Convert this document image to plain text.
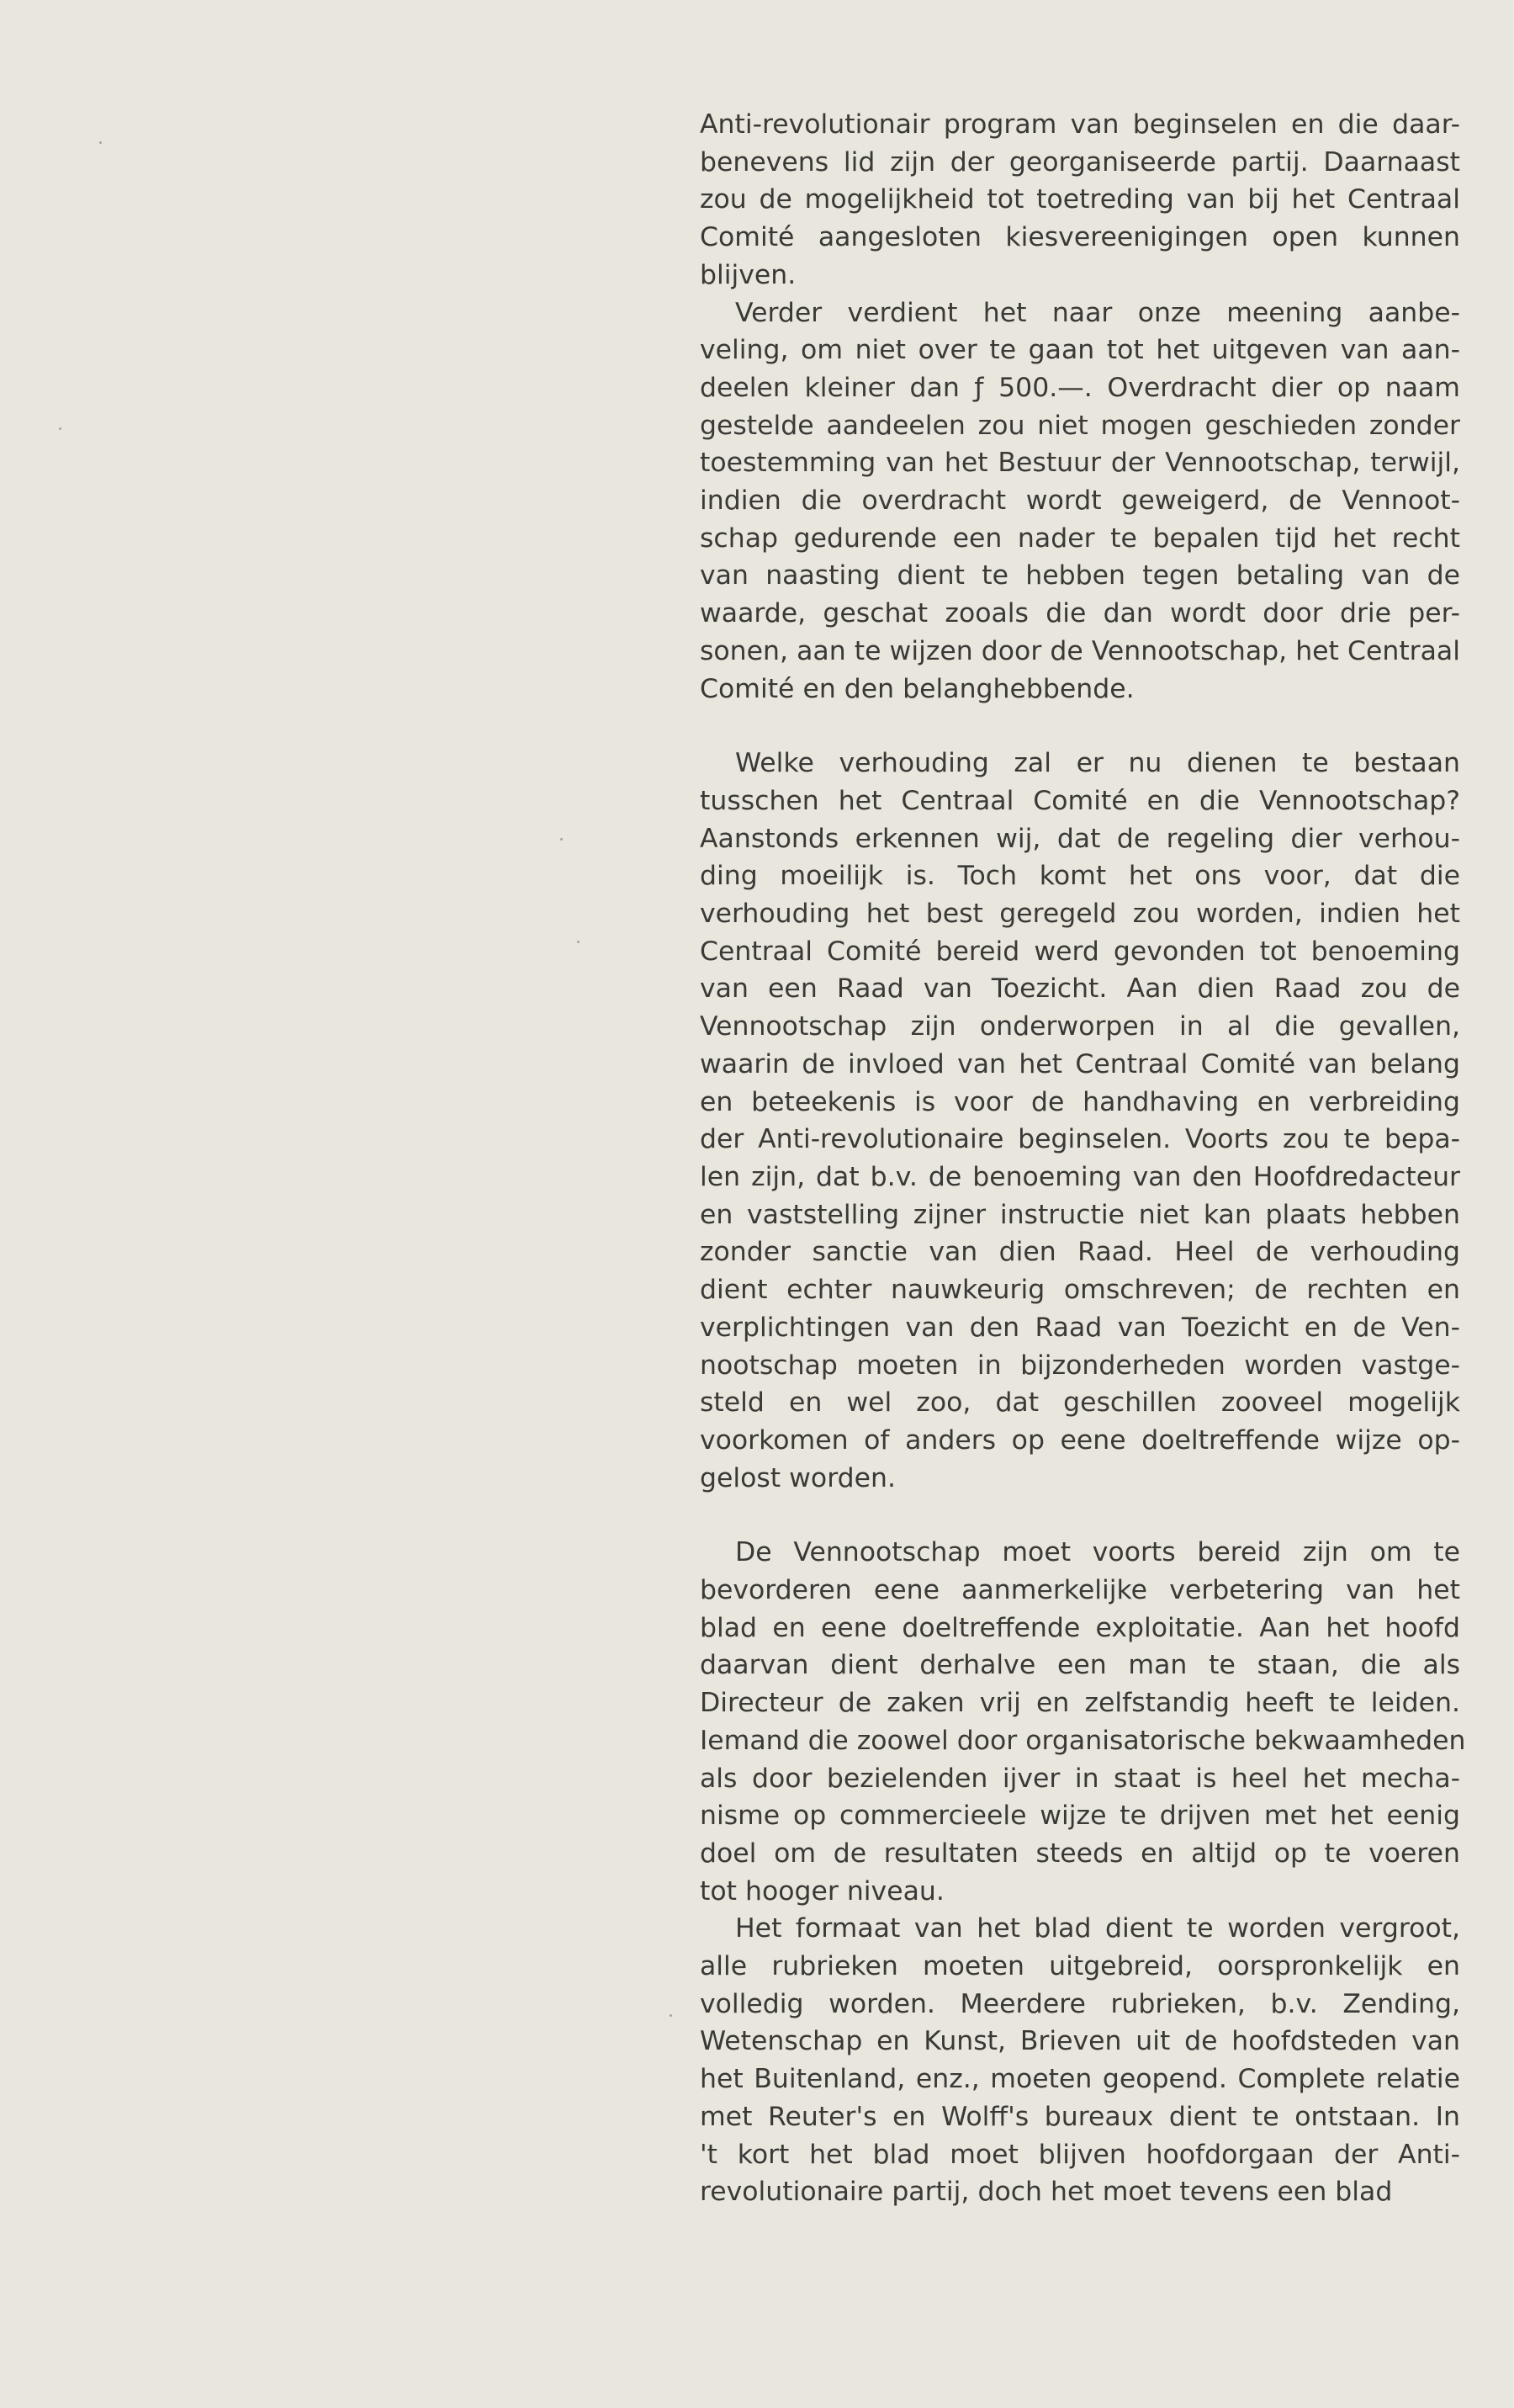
Anti-revolutionair program van beginselen en die daar-
benevens lid zijn der georganiseerde partij. Daarnaast
zou de mogelijkheid tot toetreding van bij het Centraal
Comité aangesloten kiesvereenigingen open kunnen
blijven.

Verder verdient het naar onze meening aanbe-
veling, om niet over te gaan tot het uitgeven van aan-
deelen kleiner dan ƒ 500.—. Overdracht dier op naam
gestelde aandeelen zou niet mogen geschieden zonder
toestemming van het Bestuur der Vennootschap, terwijl,
indien die overdracht wordt geweigerd, de Vennoot-
schap gedurende een nader te bepalen tijd het recht
van naasting dient te hebben tegen betaling van de
waarde, geschat zooals die dan wordt door drie per-
sonen, aan te wijzen door de Vennootschap, het Centraal
Comité en den belanghebbende.

Welke verhouding zal er nu dienen te bestaan
tusschen het Centraal Comité en die Vennootschap?
Aanstonds erkennen wij, dat de regeling dier verhou-
ding moeilijk is. Toch komt het ons voor, dat die
verhouding het best geregeld zou worden, indien het
Centraal Comité bereid werd gevonden tot benoeming
van een Raad van Toezicht. Aan dien Raad zou de
Vennootschap zijn onderworpen in al die gevallen,
waarin de invloed van het Centraal Comité van belang
en beteekenis is voor de handhaving en verbreiding
der Anti-revolutionaire beginselen. Voorts zou te bepa-
len zijn, dat b.v. de benoeming van den Hoofdredacteur
en vaststelling zijner instructie niet kan plaats hebben
zonder sanctie van dien Raad. Heel de verhouding
dient echter nauwkeurig omschreven; de rechten en
verplichtingen van den Raad van Toezicht en de Ven-
nootschap moeten in bijzonderheden worden vastge-
steld en wel zoo, dat geschillen zooveel mogelijk
voorkomen of anders op eene doeltreffende wijze op-
gelost worden.

De Vennootschap moet voorts bereid zijn om te
bevorderen eene aanmerkelijke verbetering van het
blad en eene doeltreffende exploitatie. Aan het hoofd
daarvan dient derhalve een man te staan, die als
Directeur de zaken vrij en zelfstandig heeft te leiden.
Iemand die zoowel door organisatorische bekwaamheden
als door bezielenden ijver in staat is heel het mecha-
nisme op commercieele wijze te drijven met het eenig
doel om de resultaten steeds en altijd op te voeren
tot hooger niveau.

Het formaat van het blad dient te worden vergroot,
alle rubrieken moeten uitgebreid, oorspronkelijk en
volledig worden. Meerdere rubrieken, b.v. Zending,
Wetenschap en Kunst, Brieven uit de hoofdsteden van
het Buitenland, enz., moeten geopend. Complete relatie
met Reuter's en Wolff's bureaux dient te ontstaan. In
't kort het blad moet blijven hoofdorgaan der Anti-
revolutionaire partij, doch het moet tevens een blad
